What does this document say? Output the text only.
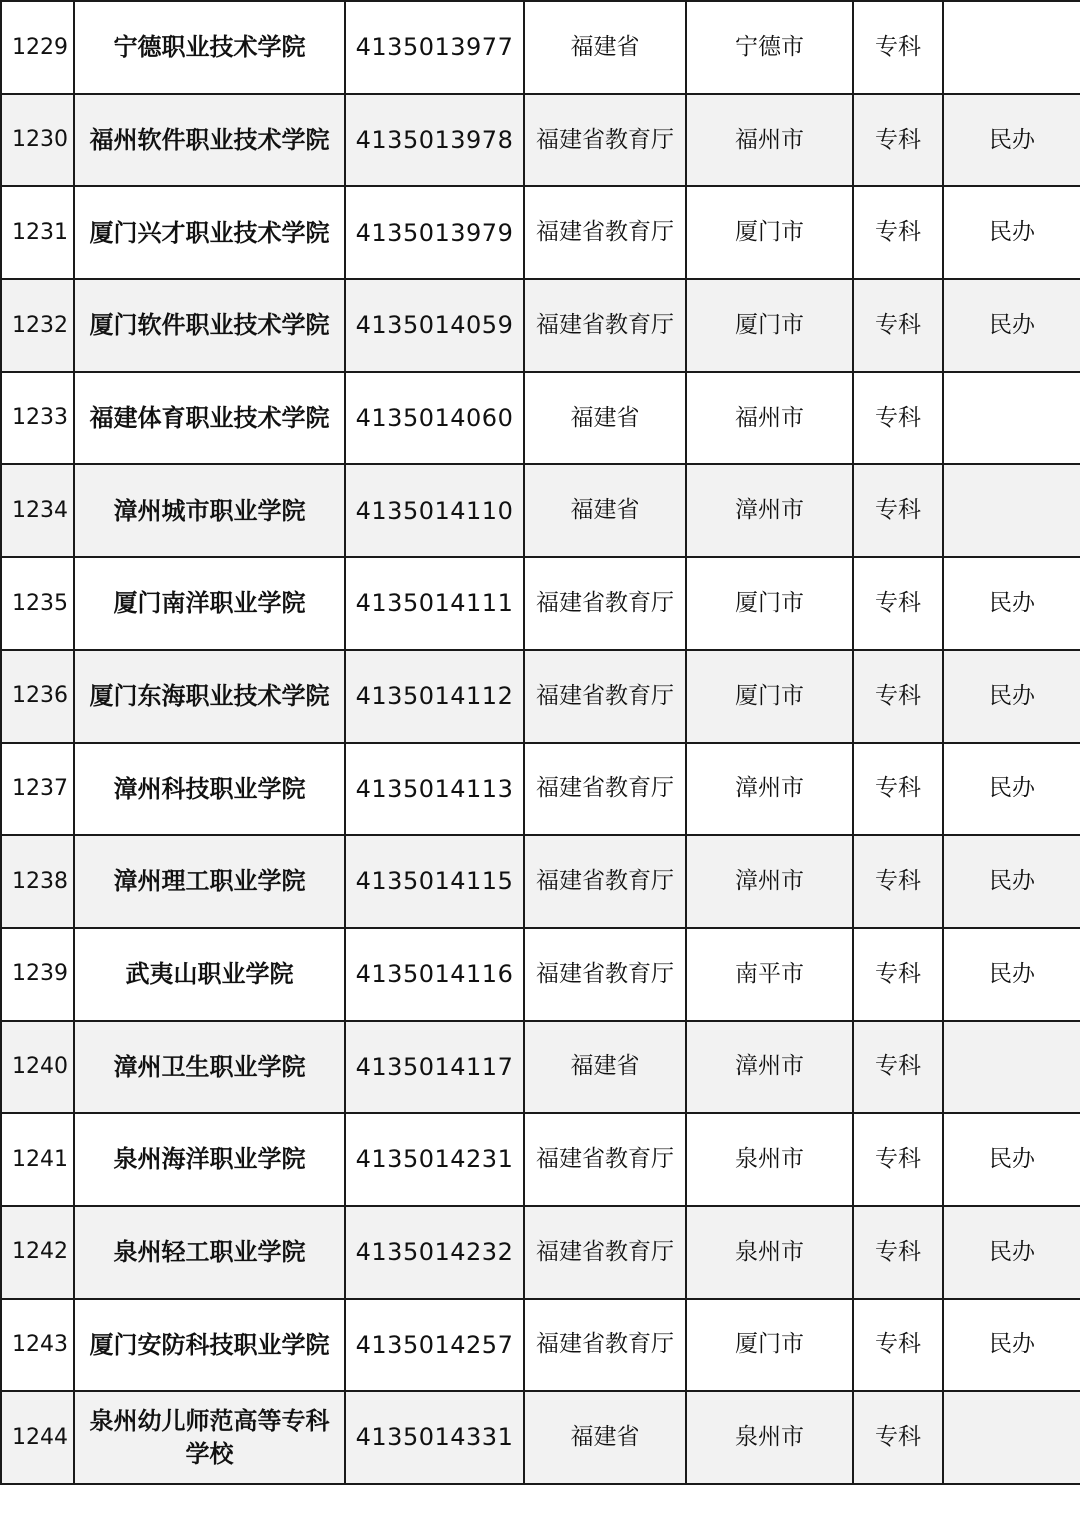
1229	宁德职业技术学院	4135013977	福建省	宁德市	专科	
1230	福州软件职业技术学院	4135013978	福建省教育厅	福州市	专科	民办
1231	厦门兴才职业技术学院	4135013979	福建省教育厅	厦门市	专科	民办
1232	厦门软件职业技术学院	4135014059	福建省教育厅	厦门市	专科	民办
1233	福建体育职业技术学院	4135014060	福建省	福州市	专科	
1234	漳州城市职业学院	4135014110	福建省	漳州市	专科	
1235	厦门南洋职业学院	4135014111	福建省教育厅	厦门市	专科	民办
1236	厦门东海职业技术学院	4135014112	福建省教育厅	厦门市	专科	民办
1237	漳州科技职业学院	4135014113	福建省教育厅	漳州市	专科	民办
1238	漳州理工职业学院	4135014115	福建省教育厅	漳州市	专科	民办
1239	武夷山职业学院	4135014116	福建省教育厅	南平市	专科	民办
1240	漳州卫生职业学院	4135014117	福建省	漳州市	专科	
1241	泉州海洋职业学院	4135014231	福建省教育厅	泉州市	专科	民办
1242	泉州轻工职业学院	4135014232	福建省教育厅	泉州市	专科	民办
1243	厦门安防科技职业学院	4135014257	福建省教育厅	厦门市	专科	民办
1244	泉州幼儿师范高等专科学校	4135014331	福建省	泉州市	专科	
